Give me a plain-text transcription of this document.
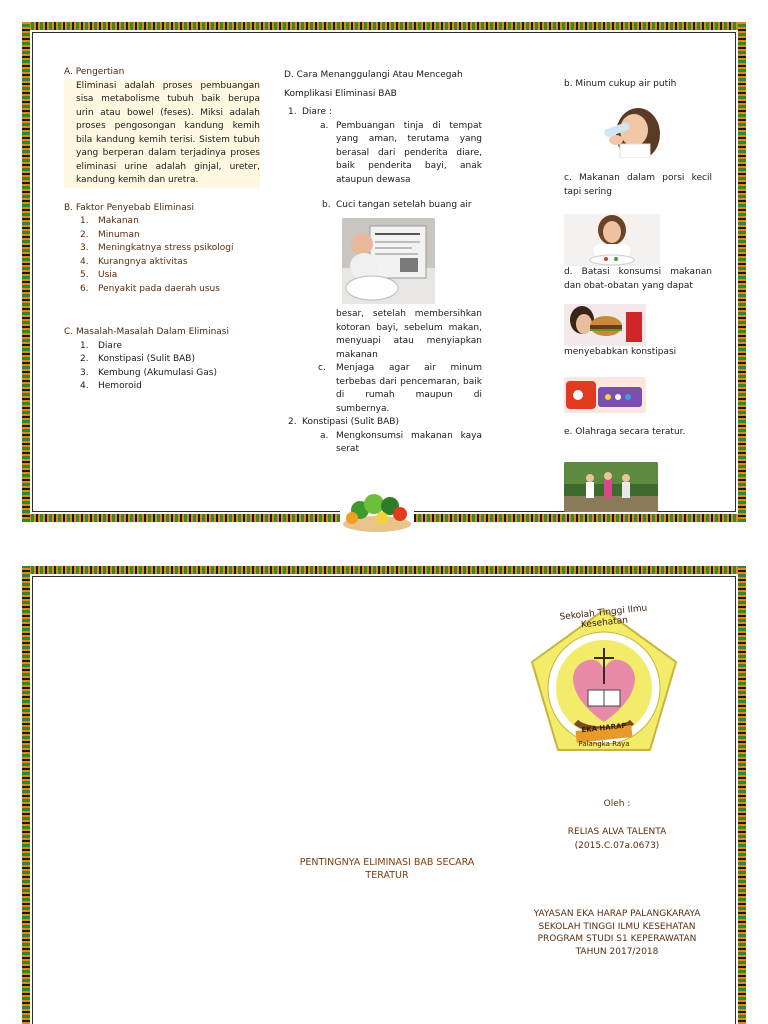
A. Pengertian
Eliminasi adalah proses pembuangan sisa metabolisme tubuh baik berupa urin atau bowel (feses). Miksi adalah proses pengosongan kandung kemih bila kandung kemih terisi. Sistem tubuh yang berperan dalam terjadinya proses eliminasi urine adalah ginjal, ureter, kandung kemih dan uretra.
B. Faktor Penyebab Eliminasi
1. Makanan
2. Minuman
3. Meningkatnya stress psikologi
4. Kurangnya aktivitas
5. Usia
6. Penyakit pada daerah usus
C. Masalah-Masalah Dalam Eliminasi
1. Diare
2. Konstipasi (Sulit BAB)
3. Kembung (Akumulasi Gas)
4. Hemoroid
D. Cara Menanggulangi Atau Mencegah Komplikasi Eliminasi BAB
1. Diare :
a. Pembuangan tinja di tempat yang aman, terutama yang berasal dari penderita diare, baik penderita bayi, anak ataupun dewasa
b. Cuci tangan setelah buang air
besar, setelah membersihkan kotoran bayi, sebelum makan, menyuapi atau menyiapkan makanan
c. Menjaga agar air minum terbebas dari pencemaran, baik di rumah maupun di sumbernya.
2. Konstipasi (Sulit BAB)
a. Mengkonsumsi makanan kaya serat
b. Minum cukup air putih
c. Makanan dalam porsi kecil tapi sering
d. Batasi konsumsi makanan dan obat-obatan yang dapat
menyebabkan konstipasi
e. Olahraga secara teratur.
Sekolah Tinggi Ilmu Kesehatan
EKA HARAP
Palangka Raya
Oleh :
RELIAS ALVA TALENTA
(2015.C.07a.0673)
PENTINGNYA ELIMINASI BAB SECARA TERATUR
YAYASAN EKA HARAP PALANGKARAYA
SEKOLAH TINGGI ILMU KESEHATAN
PROGRAM STUDI S1 KEPERAWATAN
TAHUN 2017/2018
